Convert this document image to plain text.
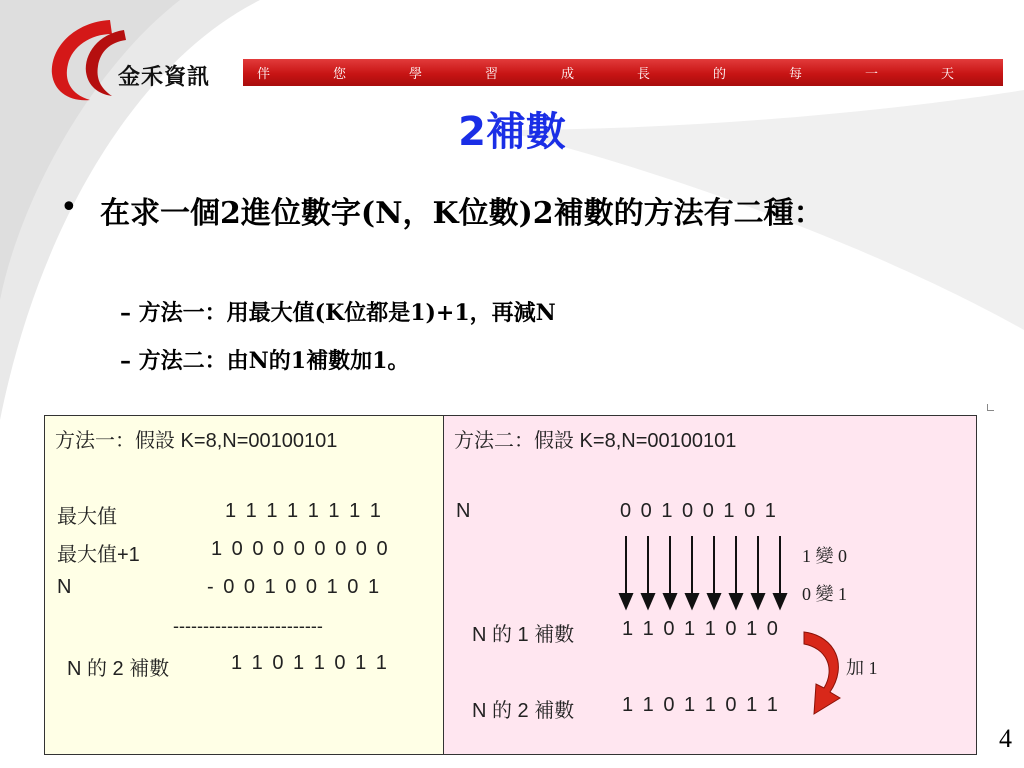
金禾資訊	伴	您	學	習	成	長	的	每	一	天
2補數
• 在求一個2進位數字(N，K位數)2補數的方法有二種：
– 方法一：用最大值(K位都是1)+1，再減N
– 方法二：由N的1補數加1。
方法一：假設 K=8,N=00100101
最大值	1 1 1 1 1 1 1 1
最大值+1	1 0 0 0 0 0 0 0 0
N	- 0 0 1 0 0 1 0 1
-------------------------
N 的 2 補數	1 1 0 1 1 0 1 1
方法二：假設 K=8,N=00100101
N	0 0 1 0 0 1 0 1
1 變 0
0 變 1
N 的 1 補數 1 1 0 1 1 0 1 0
加 1
N 的 2 補數 1 1 0 1 1 0 1 1
4
